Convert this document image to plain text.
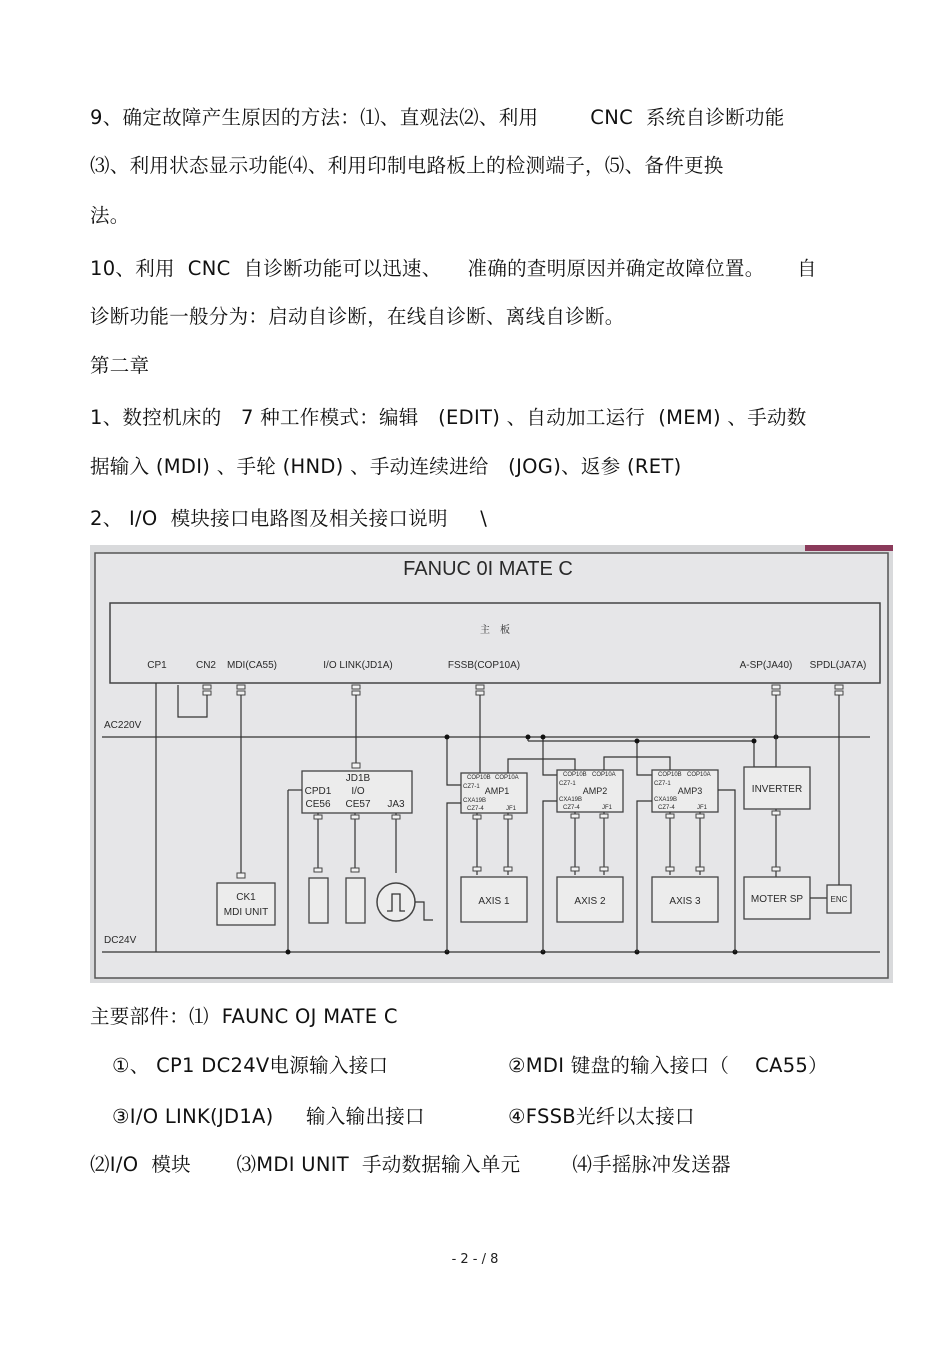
9、确定故障产生原因的方法：⑴、直观法⑵、利用        CNC  系统自诊断功能
⑶、利用状态显示功能⑷、利用印制电路板上的检测端子，⑸、备件更换
法。
10、利用  CNC  自诊断功能可以迅速、    准确的查明原因并确定故障位置。     自
诊断功能一般分为：启动自诊断，在线自诊断、离线自诊断。
第二章
1、数控机床的   7 种工作模式：编辑   (EDIT) 、自动加工运行  (MEM) 、手动数
据输入 (MDI) 、手轮 (HND) 、手动连续进给   (JOG)、返参 (RET)
2、 I/O  模块接口电路图及相关接口说明     \
FANUC 0I MATE C
主　板
CP1	CN2 MDI(CA55)	I/O LINK(JD1A)	FSSB(COP10A)	A-SP(JA40) SPDL(JA7A)
AC220V
DC24V
CK1
MDI UNIT
JD1B
CPD1 I/O
CE56 CE57 JA3
COP10B COP10A
CZ7-1
CXA19B
CZ7-4	JF1
COP10B COP10A
CZ7-1
CXA19B
CZ7-4	JF1
COP10B COP10A
CZ7-1
CXA19B
CZ7-4	JF1
AMP1	AMP2	AMP3
AXIS 1	AXIS 2	AXIS 3
INVERTER
MOTER SP	ENC
主要部件：⑴  FAUNC OJ MATE C
①、 CP1 DC24V电源输入接口	②MDI 键盘的输入接口（    CA55）
③I/O LINK(JD1A)     输入输出接口	④FSSB光纤以太接口
⑵I/O  模块       ⑶MDI UNIT  手动数据输入单元        ⑷手摇脉冲发送器
- 2 - / 8
